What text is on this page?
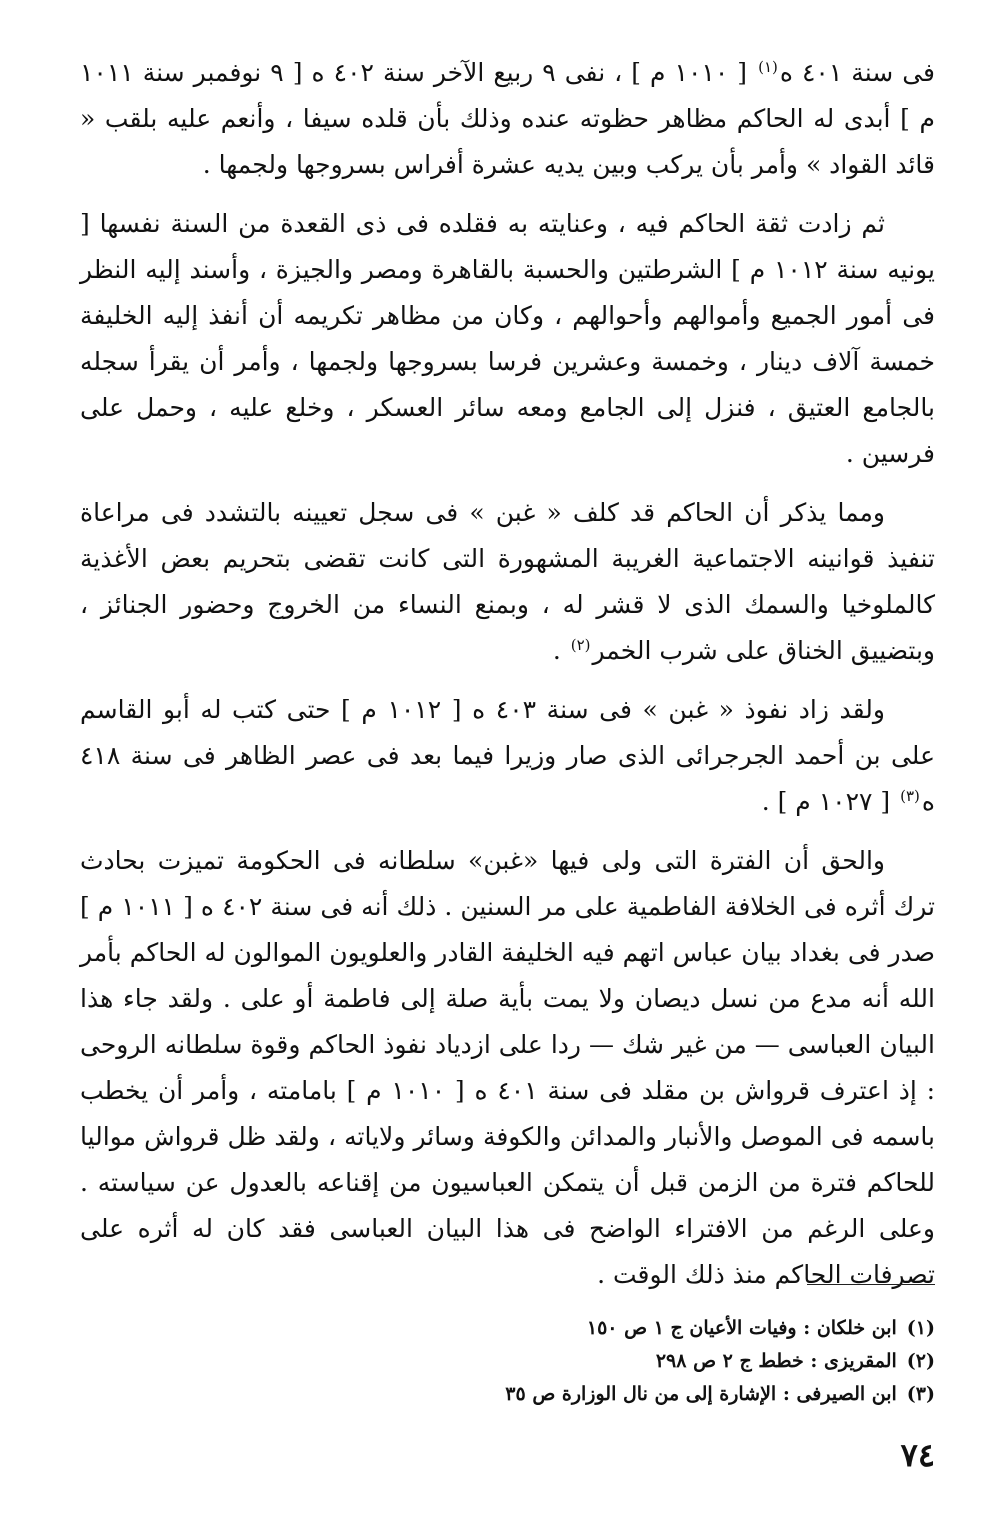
فى سنة ٤٠١ ه$^{(١)}$ [ ١٠١٠ م ] ، نفى ٩ ربيع الآخر سنة ٤٠٢ ه [ ٩ نوفمبر سنة ١٠١١ م ] أبدى له الحاكم مظاهر حظوته عنده وذلك بأن قلده سيفا ، وأنعم عليه بلقب « قائد القواد » وأمر بأن يركب وبين يديه عشرة أفراس بسروجها ولجمها .

ثم زادت ثقة الحاكم فيه ، وعنايته به فقلده فى ذى القعدة من السنة نفسها [ يونيه سنة ١٠١٢ م ] الشرطتين والحسبة بالقاهرة ومصر والجيزة ، وأسند إليه النظر فى أمور الجميع وأموالهم وأحوالهم ، وكان من مظاهر تكريمه أن أنفذ إليه الخليفة خمسة آلاف دينار ، وخمسة وعشرين فرسا بسروجها ولجمها ، وأمر أن يقرأ سجله بالجامع العتيق ، فنزل إلى الجامع ومعه سائر العسكر ، وخلع عليه ، وحمل على فرسين .

ومما يذكر أن الحاكم قد كلف « غبن » فى سجل تعيينه بالتشدد فى مراعاة تنفيذ قوانينه الاجتماعية الغريبة المشهورة التى كانت تقضى بتحريم بعض الأغذية كالملوخيا والسمك الذى لا قشر له ، وبمنع النساء من الخروج وحضور الجنائز ، وبتضييق الخناق على شرب الخمر$^{(٢)}$ .

ولقد زاد نفوذ « غبن » فى سنة ٤٠٣ ه [ ١٠١٢ م ] حتى كتب له أبو القاسم على بن أحمد الجرجرائى الذى صار وزيرا فيما بعد فى عصر الظاهر فى سنة ٤١٨ ه$^{(٣)}$ [ ١٠٢٧ م ] .

والحق أن الفترة التى ولى فيها «غبن» سلطانه فى الحكومة تميزت بحادث ترك أثره فى الخلافة الفاطمية على مر السنين . ذلك أنه فى سنة ٤٠٢ ه [ ١٠١١ م ] صدر فى بغداد بيان عباس اتهم فيه الخليفة القادر والعلويون الموالون له الحاكم بأمر الله أنه مدع من نسل ديصان ولا يمت بأية صلة إلى فاطمة أو على . ولقد جاء هذا البيان العباسى — من غير شك — ردا على ازدياد نفوذ الحاكم وقوة سلطانه الروحى : إذ اعترف قرواش بن مقلد فى سنة ٤٠١ ه [ ١٠١٠ م ] بامامته ، وأمر أن يخطب باسمه فى الموصل والأنبار والمدائن والكوفة وسائر ولاياته ، ولقد ظل قرواش مواليا للحاكم فترة من الزمن قبل أن يتمكن العباسيون من إقناعه بالعدول عن سياسته . وعلى الرغم من الافتراء الواضح فى هذا البيان العباسى فقد كان له أثره على تصرفات الحاكم منذ ذلك الوقت .

(١)ابن خلكان : وفيات الأعيان ج ١ ص ١٥٠
(٢)المقريزى : خطط ج ٢ ص ٢٩٨
(٣)ابن الصيرفى : الإشارة إلى من نال الوزارة ص ٣٥
٧٤
